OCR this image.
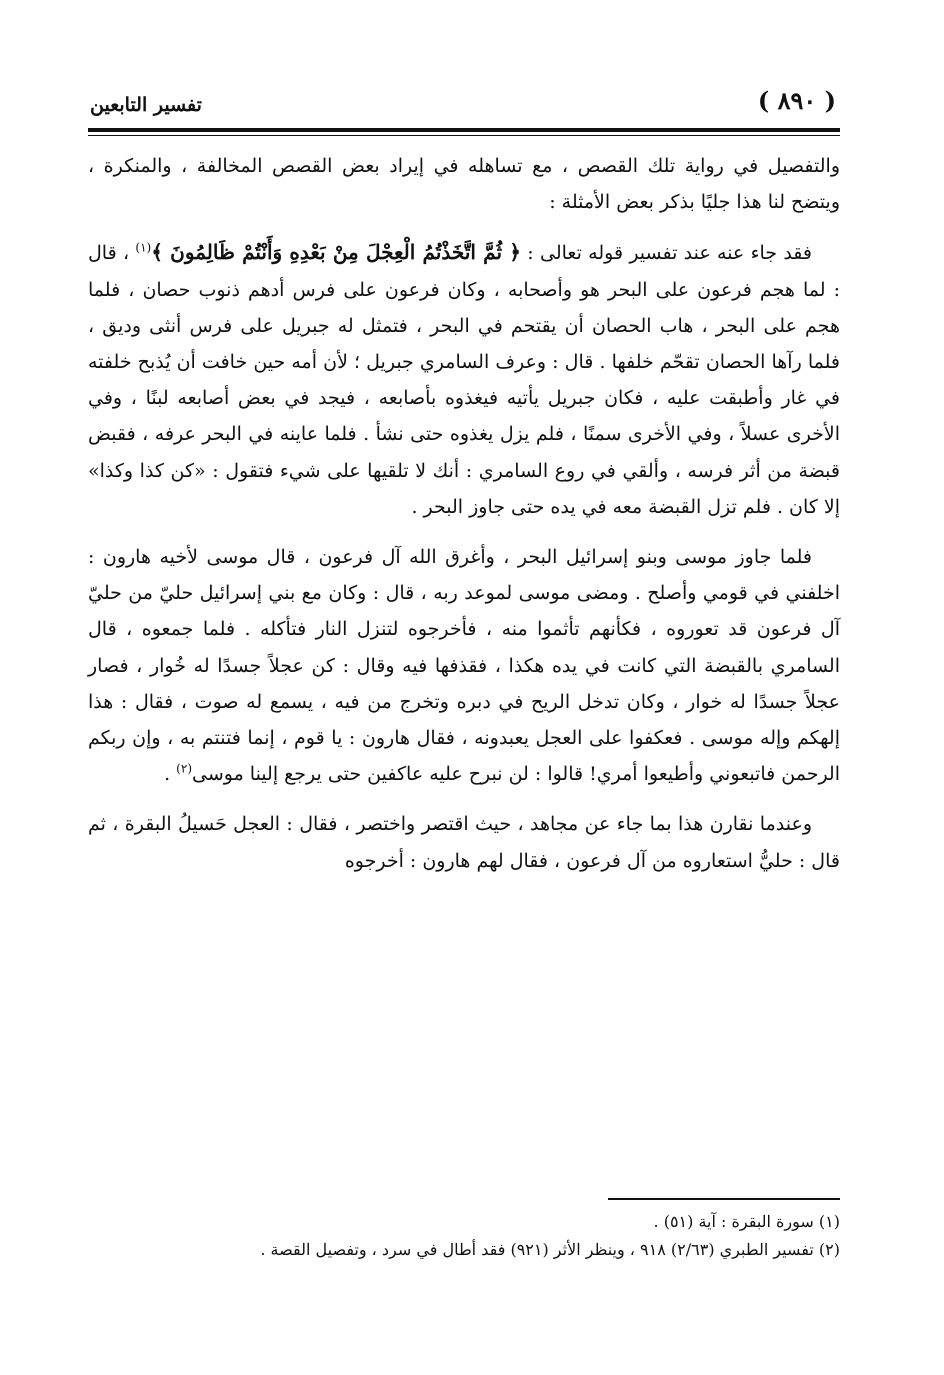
( ٨٩٠ )
تفسير التابعين

والتفصيل في رواية تلك القصص ، مع تساهله في إيراد بعض القصص المخالفة ، والمنكرة ، ويتضح لنا هذا جليًا بذكر بعض الأمثلة :

فقد جاء عنه عند تفسير قوله تعالى : ﴿ ثُمَّ اتَّخَذْتُمُ الْعِجْلَ مِنْ بَعْدِهِ وَأَنْتُمْ ظَالِمُونَ ﴾$^{(١)}$ ، قال : لما هجم فرعون على البحر هو وأصحابه ، وكان فرعون على فرس أدهم ذنوب حصان ، فلما هجم على البحر ، هاب الحصان أن يقتحم في البحر ، فتمثل له جبريل على فرس أنثى وديق ، فلما رآها الحصان تقحّم خلفها . قال : وعرف السامري جبريل ؛ لأن أمه حين خافت أن يُذبح خلفته في غار وأطبقت عليه ، فكان جبريل يأتيه فيغذوه بأصابعه ، فيجد في بعض أصابعه لبنًا ، وفي الأخرى عسلاً ، وفي الأخرى سمنًا ، فلم يزل يغذوه حتى نشأ . فلما عاينه في البحر عرفه ، فقبض قبضة من أثر فرسه ، وألقي في روع السامري : أنك لا تلقيها على شيء فتقول : «كن كذا وكذا» إلا كان . فلم تزل القبضة معه في يده حتى جاوز البحر .

فلما جاوز موسى وبنو إسرائيل البحر ، وأغرق الله آل فرعون ، قال موسى لأخيه هارون : اخلفني في قومي وأصلح . ومضى موسى لموعد ربه ، قال : وكان مع بني إسرائيل حليّ من حليّ آل فرعون قد تعوروه ، فكأنهم تأثموا منه ، فأخرجوه لتنزل النار فتأكله . فلما جمعوه ، قال السامري بالقبضة التي كانت في يده هكذا ، فقذفها فيه وقال : كن عجلاً جسدًا له خُوار ، فصار عجلاً جسدًا له خوار ، وكان تدخل الريح في دبره وتخرج من فيه ، يسمع له صوت ، فقال : هذا إلهكم وإله موسى . فعكفوا على العجل يعبدونه ، فقال هارون : يا قوم ، إنما فتنتم به ، وإن ربكم الرحمن فاتبعوني وأطيعوا أمري! قالوا : لن نبرح عليه عاكفين حتى يرجع إلينا موسى$^{(٢)}$ .

وعندما نقارن هذا بما جاء عن مجاهد ، حيث اقتصر واختصر ، فقال : العجل حَسيلُ البقرة ، ثم قال : حليُّ استعاروه من آل فرعون ، فقال لهم هارون : أخرجوه

(١) سورة البقرة : آية (٥١) .

(٢) تفسير الطبري (٢/٦٣) ٩١٨ ، وينظر الأثر (٩٢١) فقد أطال في سرد ، وتفصيل القصة .
